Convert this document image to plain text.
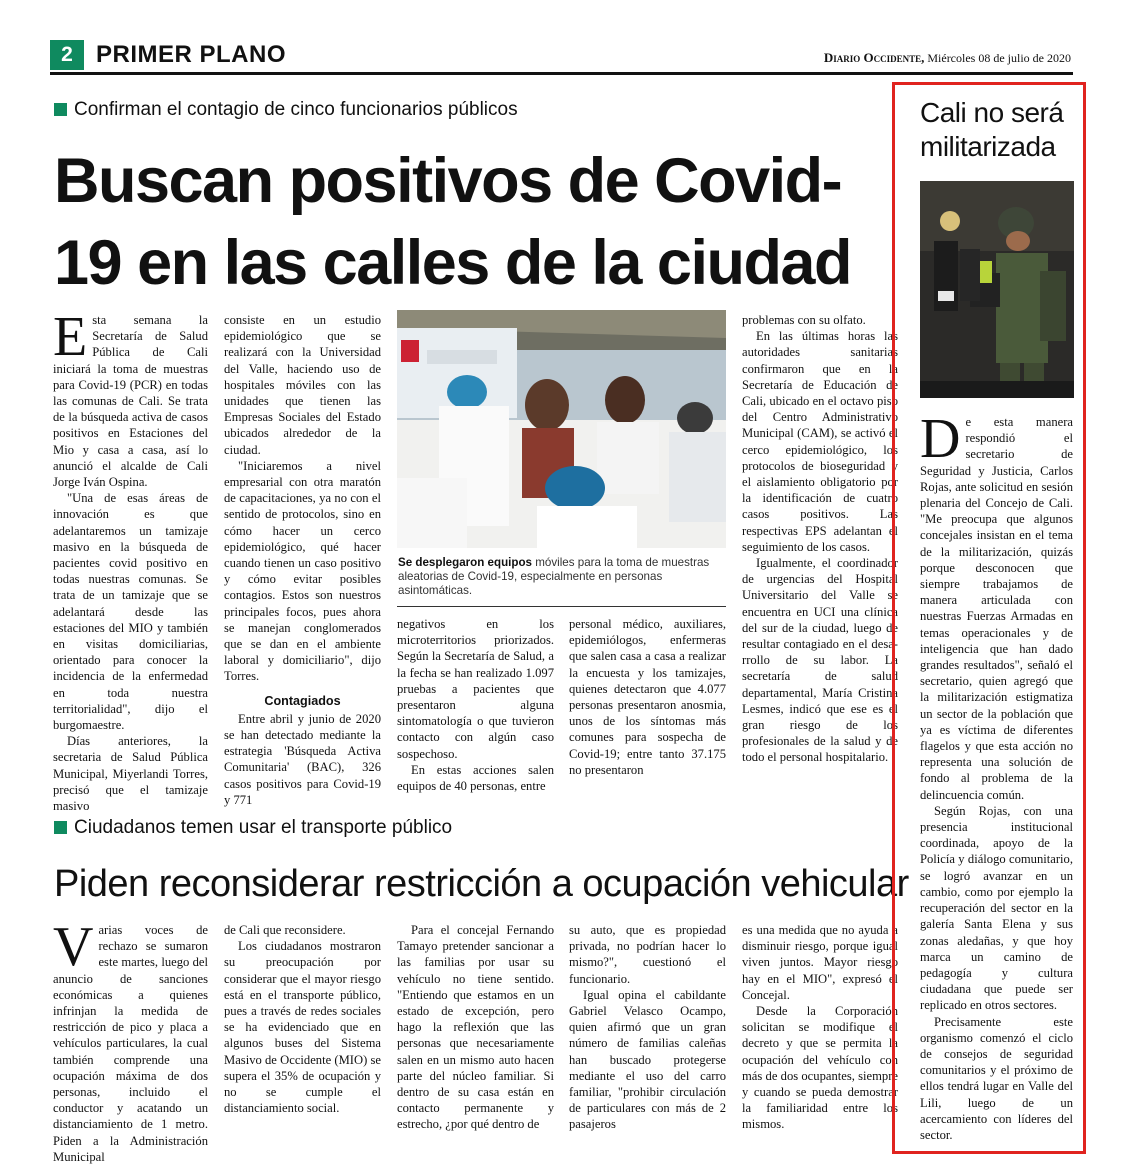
2 PRIMER PLANO	Diario Occidente, Miércoles 08 de julio de 2020
Confirman el contagio de cinco funcionarios públicos
Buscan positivos de Covid-19 en las calles de la ciudad

Esta semana la Secretaría de Salud Pública de Cali iniciará la toma de muestras para Covid-19 (PCR) en todas las comunas de Cali. Se trata de la búsqueda activa de casos positivos en Estaciones del Mio y casa a casa, así lo anunció el alcalde de Cali Jorge Iván Ospina.

"Una de esas áreas de innovación es que adelantaremos un tamizaje masivo en la búsqueda de pacientes covid positivo en todas nuestras comunas. Se trata de un tamizaje que se adelantará desde las estaciones del MIO y también en visitas domiciliarias, orientado para conocer la incidencia de la enfermedad en toda nuestra territorialidad", dijo el burgomaestre.

Días anteriores, la secretaria de Salud Pública Municipal, Miyerlandi Torres, precisó que el tamizaje masivo

consiste en un estudio epidemiológico que se realizará con la Universidad del Valle, haciendo uso de hospitales móviles con las unidades que tienen las Empresas Sociales del Estado ubicados alrededor de la ciudad.

"Iniciaremos a nivel empresarial con otra maratón de capacitaciones, ya no con el sentido de protocolos, sino en cómo hacer un cerco epidemiológico, qué hacer cuando tienen un caso positivo y cómo evitar posibles contagios. Estos son nuestros principales focos, pues ahora se manejan conglomerados que se dan en el ambiente laboral y domiciliario", dijo Torres.

Contagiados

Entre abril y junio de 2020 se han detectado mediante la estrategia 'Búsqueda Activa Comunitaria' (BAC), 326 casos positivos para Covid-19 y 771

Se desplegaron equipos móviles para la toma de muestras aleatorias de Covid-19, especialmente en personas asintomáticas.

negativos en los microterritorios priorizados. Según la Secretaría de Salud, a la fecha se han realizado 1.097 pruebas a pacientes que presentaron alguna sintomatología o que tuvieron contacto con algún caso sospechoso.

En estas acciones salen equipos de 40 personas, entre

personal médico, auxiliares, epidemiólogos, enfermeras que salen casa a casa a realizar la encuesta y los tamizajes, quienes detectaron que 4.077 personas presentaron anosmia, unos de los síntomas más comunes para sospecha de Covid-19; entre tanto 37.175 no presentaron

problemas con su olfato.

En las últimas horas las autoridades sanitarias confirmaron que en la Secretaría de Educación de Cali, ubicado en el octavo piso del Centro Administrativo Municipal (CAM), se activó el cerco epidemiológico, los protocolos de bioseguridad y el aislamiento obligatorio por la identificación de cuatro casos positivos. Las respectivas EPS adelantan el seguimiento de los casos.

Igualmente, el coordinador de urgencias del Hospital Universitario del Valle se encuentra en UCI una clínica del sur de la ciudad, luego de resultar contagiado en el desa-rrollo de su labor. La secretaría de salud departamental, María Cristina Lesmes, indicó que ese es el gran riesgo de los profesionales de la salud y de todo el personal hospitalario.

Ciudadanos temen usar el transporte público
Piden reconsiderar restricción a ocupación vehicular

Varias voces de rechazo se sumaron este martes, luego del anuncio de sanciones económicas a quienes infrinjan la medida de restricción de pico y placa a vehículos particulares, la cual también comprende una ocupación máxima de dos personas, incluido el conductor y acatando un distanciamiento de 1 metro. Piden a la Administración Municipal

de Cali que reconsidere.

Los ciudadanos mostraron su preocupación por considerar que el mayor riesgo está en el transporte público, pues a través de redes sociales se ha evidenciado que en algunos buses del Sistema Masivo de Occidente (MIO) se supera el 35% de ocupación y no se cumple el distanciamiento social.

Para el concejal Fernando Tamayo pretender sancionar a las familias por usar su vehículo no tiene sentido. "Entiendo que estamos en un estado de excepción, pero hago la reflexión que las personas que necesariamente salen en un mismo auto hacen parte del núcleo familiar. Si dentro de su casa están en contacto permanente y estrecho, ¿por qué dentro de

su auto, que es propiedad privada, no podrían hacer lo mismo?", cuestionó el funcionario.

Igual opina el cabildante Gabriel Velasco Ocampo, quien afirmó que un gran número de familias caleñas han buscado protegerse mediante el uso del carro familiar, "prohibir circulación de particulares con más de 2 pasajeros

es una medida que no ayuda a disminuir riesgo, porque igual viven juntos. Mayor riesgo hay en el MIO", expresó el Concejal.

Desde la Corporación solicitan se modifique el decreto y que se permita la ocupación del vehículo con más de dos ocupantes, siempre y cuando se pueda demostrar la familiaridad entre los mismos.

Cali no será militarizada

De esta manera respondió el secretario de Seguridad y Justicia, Carlos Rojas, ante solicitud en sesión plenaria del Concejo de Cali. "Me preocupa que algunos concejales insistan en el tema de la militarización, quizás porque desconocen que siempre trabajamos de manera articulada con nuestras Fuerzas Armadas en temas operacionales y de inteligencia que han dado grandes resultados", señaló el secretario, quien agregó que la militarización estigmatiza un sector de la población que ya es víctima de diferentes flagelos y que esta acción no representa una solución de fondo al problema de la delincuencia común.

Según Rojas, con una presencia institucional coordinada, apoyo de la Policía y diálogo comunitario, se logró avanzar en un cambio, como por ejemplo la recuperación del sector en la galería Santa Elena y sus zonas aledañas, y que hoy marca un camino de pedagogía y cultura ciudadana que puede ser replicado en otros sectores.

Precisamente este organismo comenzó el ciclo de consejos de seguridad comunitarios y el próximo de ellos tendrá lugar en Valle del Lili, luego de un acercamiento con líderes del sector.
